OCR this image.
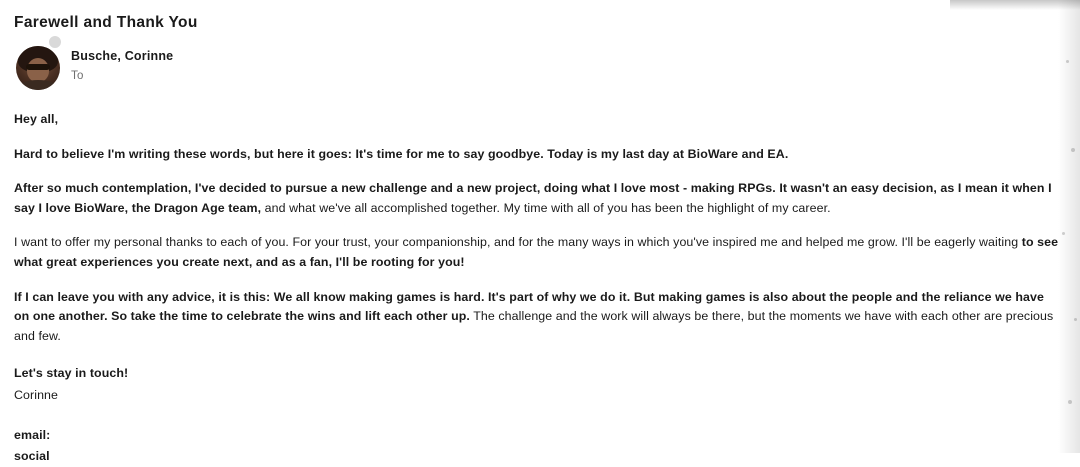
Farewell and Thank You
Busche, Corinne
To

Hey all,

Hard to believe I'm writing these words, but here it goes: It's time for me to say goodbye. Today is my last day at BioWare and EA.

After so much contemplation, I've decided to pursue a new challenge and a new project, doing what I love most - making RPGs. It wasn't an easy decision, as I mean it when I say I love BioWare, the Dragon Age team, and what we've all accomplished together. My time with all of you has been the highlight of my career.

I want to offer my personal thanks to each of you. For your trust, your companionship, and for the many ways in which you've inspired me and helped me grow. I'll be eagerly waiting to see what great experiences you create next, and as a fan, I'll be rooting for you!

If I can leave you with any advice, it is this: We all know making games is hard. It's part of why we do it. But making games is also about the people and the reliance we have on one another. So take the time to celebrate the wins and lift each other up. The challenge and the work will always be there, but the moments we have with each other are precious and few.

Let's stay in touch!

Corinne

email:

social
